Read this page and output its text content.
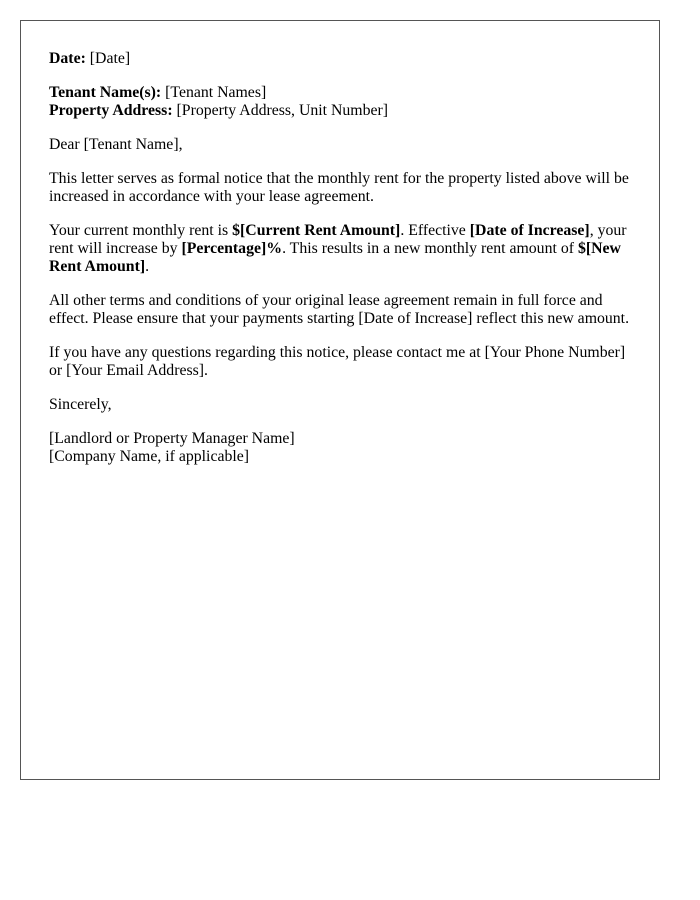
Date: [Date]

Tenant Name(s): [Tenant Names]

Property Address: [Property Address, Unit Number]

Dear [Tenant Name],

This letter serves as formal notice that the monthly rent for the property listed above will be increased in accordance with your lease agreement.

Your current monthly rent is $[Current Rent Amount]. Effective [Date of Increase], your rent will increase by [Percentage]%. This results in a new monthly rent amount of $[New Rent Amount].

All other terms and conditions of your original lease agreement remain in full force and effect. Please ensure that your payments starting [Date of Increase] reflect this new amount.

If you have any questions regarding this notice, please contact me at [Your Phone Number] or [Your Email Address].

Sincerely,

[Landlord or Property Manager Name]

[Company Name, if applicable]
